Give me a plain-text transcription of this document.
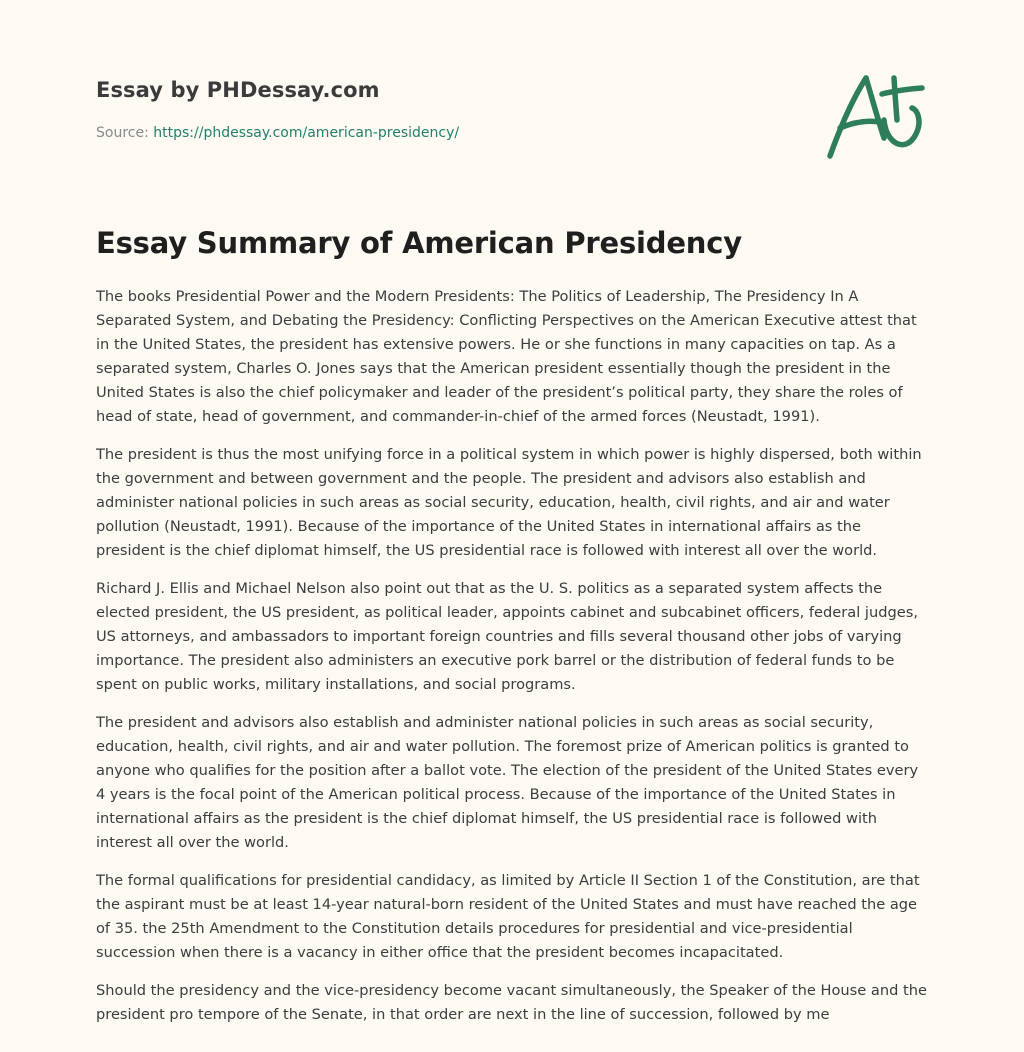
Essay by PHDessay.com
Source: https://phdessay.com/american-presidency/
Essay Summary of American Presidency

The books Presidential Power and the Modern Presidents: The Politics of Leadership, The Presidency In A Separated System, and Debating the Presidency: Conflicting Perspectives on the American Executive attest that in the United States, the president has extensive powers. He or she functions in many capacities on tap. As a separated system, Charles O. Jones says that the American president essentially though the president in the United States is also the chief policymaker and leader of the president’s political party, they share the roles of head of state, head of government, and commander-in-chief of the armed forces (Neustadt, 1991).

The president is thus the most unifying force in a political system in which power is highly dispersed, both within the government and between government and the people. The president and advisors also establish and administer national policies in such areas as social security, education, health, civil rights, and air and water pollution (Neustadt, 1991). Because of the importance of the United States in international affairs as the president is the chief diplomat himself, the US presidential race is followed with interest all over the world.

Richard J. Ellis and Michael Nelson also point out that as the U. S. politics as a separated system affects the elected president, the US president, as political leader, appoints cabinet and subcabinet officers, federal judges, US attorneys, and ambassadors to important foreign countries and fills several thousand other jobs of varying importance. The president also administers an executive pork barrel or the distribution of federal funds to be spent on public works, military installations, and social programs.

The president and advisors also establish and administer national policies in such areas as social security, education, health, civil rights, and air and water pollution. The foremost prize of American politics is granted to anyone who qualifies for the position after a ballot vote. The election of the president of the United States every 4 years is the focal point of the American political process. Because of the importance of the United States in international affairs as the president is the chief diplomat himself, the US presidential race is followed with interest all over the world.

The formal qualifications for presidential candidacy, as limited by Article II Section 1 of the Constitution, are that the aspirant must be at least 14-year natural-born resident of the United States and must have reached the age of 35. the 25th Amendment to the Constitution details procedures for presidential and vice-presidential succession when there is a vacancy in either office that the president becomes incapacitated.

Should the presidency and the vice-presidency become vacant simultaneously, the Speaker of the House and the president pro tempore of the Senate, in that order are next in the line of succession, followed by me
